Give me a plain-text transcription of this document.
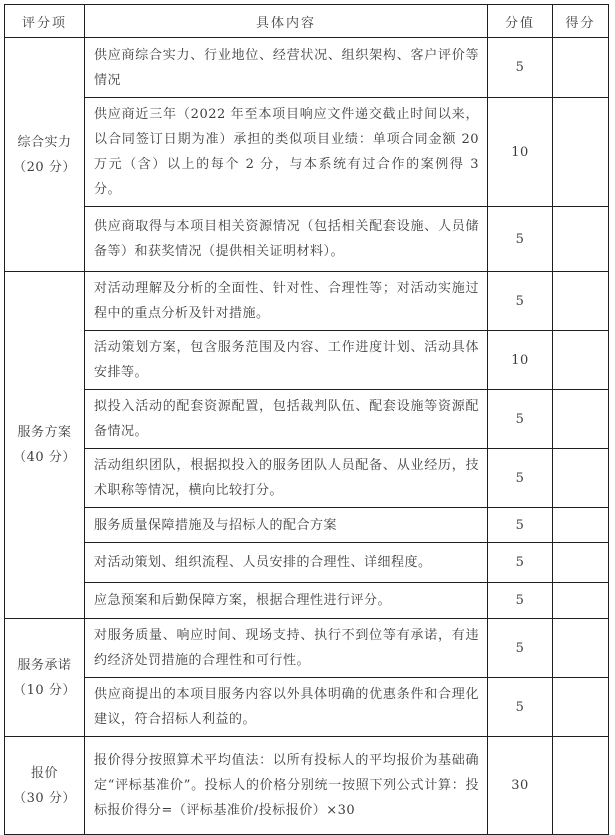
评分项	具体内容	分值	得分

综合实力
（20 分）	供应商综合实力、行业地位、经营状况、组织架构、客户评价等情况	5	
	供应商近三年（2022 年至本项目响应文件递交截止时间以来，以合同签订日期为准）承担的类似项目业绩：单项合同金额 20 万元（含）以上的每个 2 分，与本系统有过合作的案例得 3 分。	10	
	供应商取得与本项目相关资源情况（包括相关配套设施、人员储备等）和获奖情况（提供相关证明材料）。	5	

服务方案
（40 分）	对活动理解及分析的全面性、针对性、合理性等；对活动实施过程中的重点分析及针对措施。	5	
	活动策划方案，包含服务范围及内容、工作进度计划、活动具体安排等。	10	
	拟投入活动的配套资源配置，包括裁判队伍、配套设施等资源配备情况。	5	
	活动组织团队，根据拟投入的服务团队人员配备、从业经历，技术职称等情况，横向比较打分。	5	
	服务质量保障措施及与招标人的配合方案	5	
	对活动策划、组织流程、人员安排的合理性、详细程度。	5	
	应急预案和后勤保障方案，根据合理性进行评分。	5	

服务承诺
（10 分）	对服务质量、响应时间、现场支持、执行不到位等有承诺，有违约经济处罚措施的合理性和可行性。	5	
	供应商提出的本项目服务内容以外具体明确的优惠条件和合理化建议，符合招标人利益的。	5	

报价
（30 分）	报价得分按照算术平均值法：以所有投标人的平均报价为基础确定“评标基准价”。投标人的价格分别统一按照下列公式计算：投标报价得分=（评标基准价/投标报价）×30	30	
